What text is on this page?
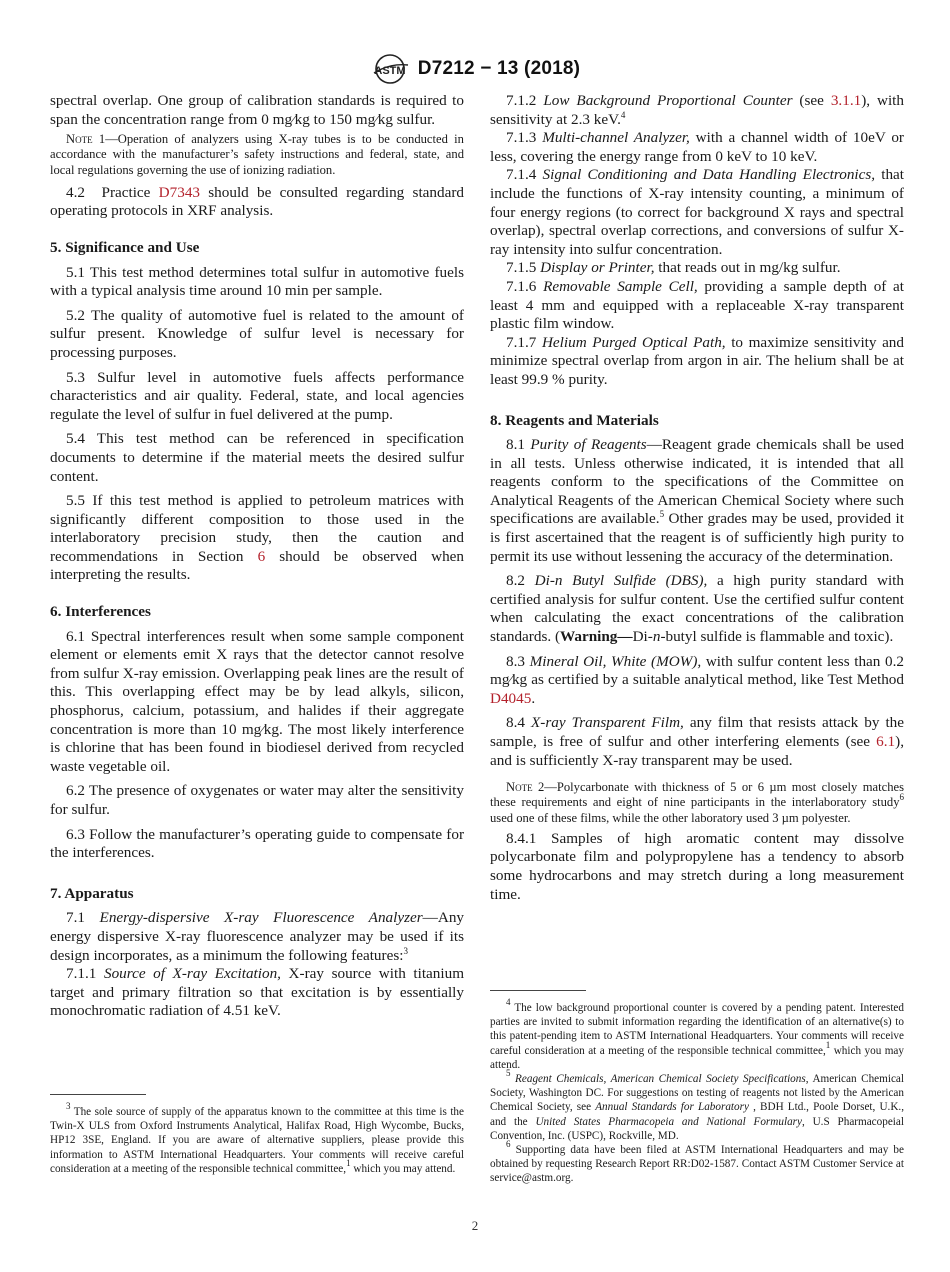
ASTM D7212 − 13 (2018)

spectral overlap. One group of calibration standards is required to span the concentration range from 0 mg⁄kg to 150 mg⁄kg sulfur.

Note 1—Operation of analyzers using X-ray tubes is to be conducted in accordance with the manufacturer’s safety instructions and federal, state, and local regulations governing the use of ionizing radiation.

4.2 Practice D7343 should be consulted regarding standard operating protocols in XRF analysis.

5. Significance and Use

5.1 This test method determines total sulfur in automotive fuels with a typical analysis time around 10 min per sample.

5.2 The quality of automotive fuel is related to the amount of sulfur present. Knowledge of sulfur level is necessary for processing purposes.

5.3 Sulfur level in automotive fuels affects performance characteristics and air quality. Federal, state, and local agencies regulate the level of sulfur in fuel delivered at the pump.

5.4 This test method can be referenced in specification documents to determine if the material meets the desired sulfur content.

5.5 If this test method is applied to petroleum matrices with significantly different composition to those used in the interlaboratory precision study, then the caution and recommendations in Section 6 should be observed when interpreting the results.

6. Interferences

6.1 Spectral interferences result when some sample component element or elements emit X rays that the detector cannot resolve from sulfur X-ray emission. Overlapping peak lines are the result of this. This overlapping effect may be by lead alkyls, silicon, phosphorus, calcium, potassium, and halides if their aggregate concentration is more than 10 mg⁄kg. The most likely interference is chlorine that has been found in biodiesel derived from recycled waste vegetable oil.

6.2 The presence of oxygenates or water may alter the sensitivity for sulfur.

6.3 Follow the manufacturer’s operating guide to compensate for the interferences.

7. Apparatus

7.1 Energy-dispersive X-ray Fluorescence Analyzer—Any energy dispersive X-ray fluorescence analyzer may be used if its design incorporates, as a minimum the following features:$^3$

7.1.1 Source of X-ray Excitation, X-ray source with titanium target and primary filtration so that excitation is by essentially monochromatic radiation of 4.51 keV.

$^3$ The sole source of supply of the apparatus known to the committee at this time is the Twin-X ULS from Oxford Instruments Analytical, Halifax Road, High Wycombe, Bucks, HP12 3SE, England. If you are aware of alternative suppliers, please provide this information to ASTM International Headquarters. Your comments will receive careful consideration at a meeting of the responsible technical committee,$^1$ which you may attend.

7.1.2 Low Background Proportional Counter (see 3.1.1), with sensitivity at 2.3 keV.$^4$

7.1.3 Multi-channel Analyzer, with a channel width of 10eV or less, covering the energy range from 0 keV to 10 keV.

7.1.4 Signal Conditioning and Data Handling Electronics, that include the functions of X-ray intensity counting, a minimum of four energy regions (to correct for background X rays and spectral overlap), spectral overlap corrections, and conversions of sulfur X-ray intensity into sulfur concentration.

7.1.5 Display or Printer, that reads out in mg/kg sulfur.

7.1.6 Removable Sample Cell, providing a sample depth of at least 4 mm and equipped with a replaceable X-ray transparent plastic film window.

7.1.7 Helium Purged Optical Path, to maximize sensitivity and minimize spectral overlap from argon in air. The helium shall be at least 99.9 % purity.

8. Reagents and Materials

8.1 Purity of Reagents—Reagent grade chemicals shall be used in all tests. Unless otherwise indicated, it is intended that all reagents conform to the specifications of the Committee on Analytical Reagents of the American Chemical Society where such specifications are available.$^5$ Other grades may be used, provided it is first ascertained that the reagent is of sufficiently high purity to permit its use without lessening the accuracy of the determination.

8.2 Di-n Butyl Sulfide (DBS), a high purity standard with certified analysis for sulfur content. Use the certified sulfur content when calculating the exact concentrations of the calibration standards. (Warning—Di-n-butyl sulfide is flammable and toxic).

8.3 Mineral Oil, White (MOW), with sulfur content less than 0.2 mg⁄kg as certified by a suitable analytical method, like Test Method D4045.

8.4 X-ray Transparent Film, any film that resists attack by the sample, is free of sulfur and other interfering elements (see 6.1), and is sufficiently X-ray transparent may be used.

Note 2—Polycarbonate with thickness of 5 or 6 µm most closely matches these requirements and eight of nine participants in the interlaboratory study$^6$ used one of these films, while the other laboratory used 3 µm polyester.

8.4.1 Samples of high aromatic content may dissolve polycarbonate film and polypropylene has a tendency to absorb some hydrocarbons and may stretch during a long measurement time.

$^4$ The low background proportional counter is covered by a pending patent. Interested parties are invited to submit information regarding the identification of an alternative(s) to this patent-pending item to ASTM International Headquarters. Your comments will receive careful consideration at a meeting of the responsible technical committee,$^1$ which you may attend.

$^5$ Reagent Chemicals, American Chemical Society Specifications, American Chemical Society, Washington DC. For suggestions on testing of reagents not listed by the American Chemical Society, see Annual Standards for Laboratory , BDH Ltd., Poole Dorset, U.K., and the United States Pharmacopeia and National Formulary, U.S Pharmacopeial Convention, Inc. (USPC), Rockville, MD.

$^6$ Supporting data have been filed at ASTM International Headquarters and may be obtained by requesting Research Report RR:D02-1587. Contact ASTM Customer Service at service@astm.org.

2
